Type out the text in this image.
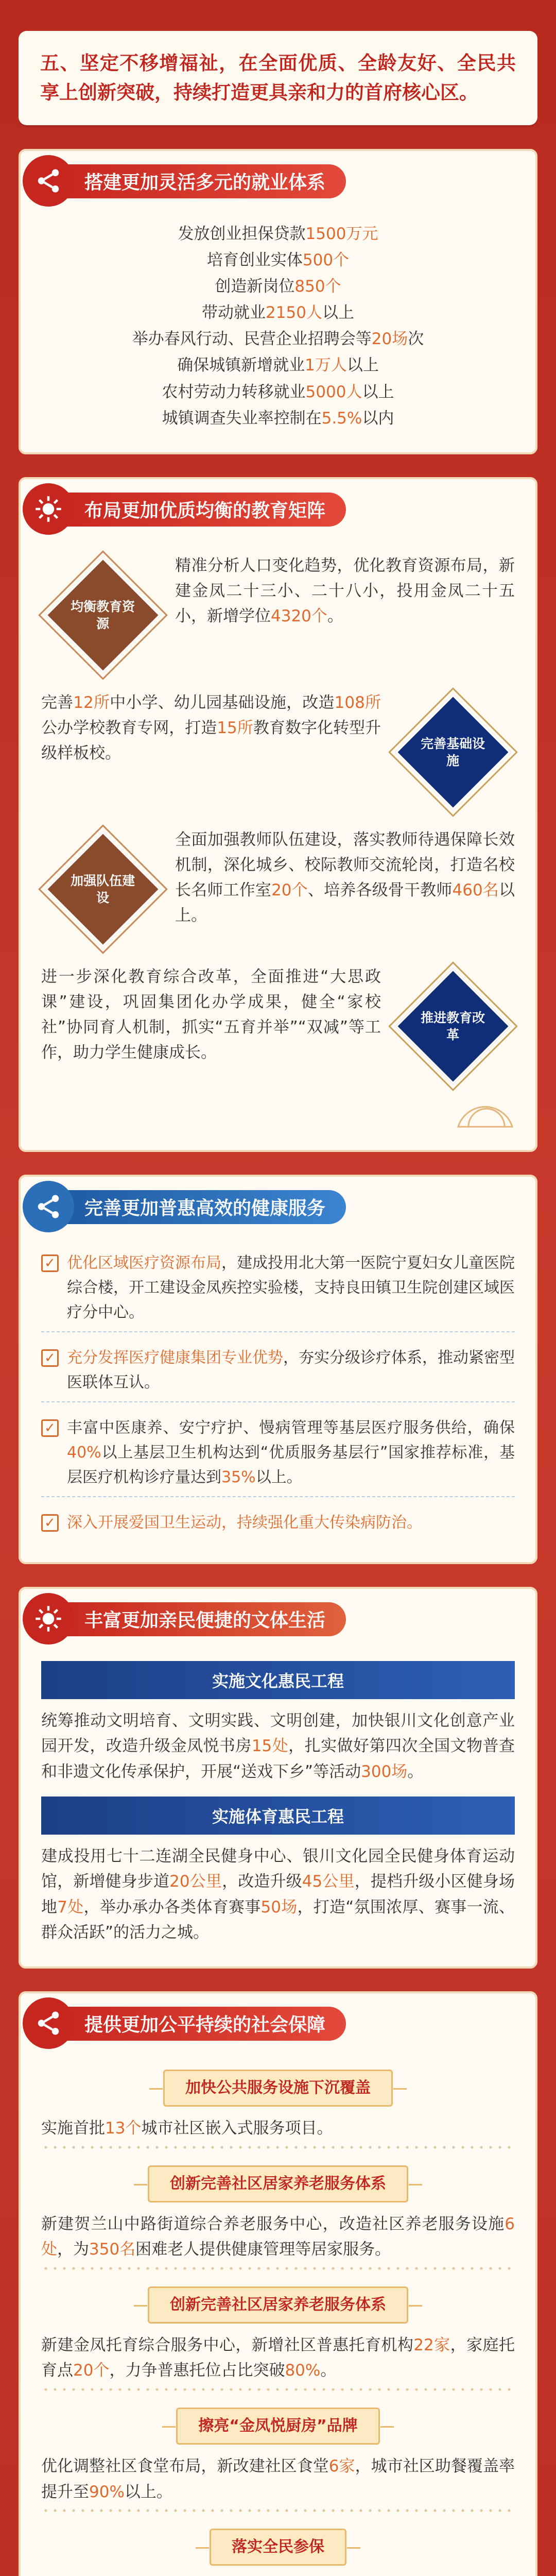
五、坚定不移增福祉，在全面优质、全龄友好、全民共享上创新突破，持续打造更具亲和力的首府核心区。

搭建更加灵活多元的就业体系

发放创业担保贷款1500万元

培育创业实体500个

创造新岗位850个

带动就业2150人以上

举办春风行动、民营企业招聘会等20场次

确保城镇新增就业1万人以上

农村劳动力转移就业5000人以上

城镇调查失业率控制在5.5%以内

布局更加优质均衡的教育矩阵
均衡教育资源

精准分析人口变化趋势，优化教育资源布局，新建金凤二十三小、二十八小，投用金凤二十五小，新增学位4320个。

完善12所中小学、幼儿园基础设施，改造108所公办学校教育专网，打造15所教育数字化转型升级样板校。

完善基础设施
加强队伍建设

全面加强教师队伍建设，落实教师待遇保障长效机制，深化城乡、校际教师交流轮岗，打造名校长名师工作室20个、培养各级骨干教师460名以上。

进一步深化教育综合改革，全面推进“大思政课”建设，巩固集团化办学成果，健全“家校社”协同育人机制，抓实“五育并举”“双减”等工作，助力学生健康成长。

推进教育改革
完善更加普惠高效的健康服务
✓ 优化区域医疗资源布局，建成投用北大第一医院宁夏妇女儿童医院综合楼，开工建设金凤疾控实验楼，支持良田镇卫生院创建区域医疗分中心。

✓ 充分发挥医疗健康集团专业优势，夯实分级诊疗体系，推动紧密型医联体互认。

✓ 丰富中医康养、安宁疗护、慢病管理等基层医疗服务供给，确保40%以上基层卫生机构达到“优质服务基层行”国家推荐标准，基层医疗机构诊疗量达到35%以上。

✓ 深入开展爱国卫生运动，持续强化重大传染病防治。

丰富更加亲民便捷的文体生活
实施文化惠民工程

统筹推动文明培育、文明实践、文明创建，加快银川文化创意产业园开发，改造升级金凤悦书房15处，扎实做好第四次全国文物普查和非遗文化传承保护，开展“送戏下乡”等活动300场。

实施体育惠民工程

建成投用七十二连湖全民健身中心、银川文化园全民健身体育运动馆，新增健身步道20公里，改造升级45公里，提档升级小区健身场地7处，举办承办各类体育赛事50场，打造“氛围浓厚、赛事一流、群众活跃”的活力之城。

提供更加公平持续的社会保障
加快公共服务设施下沉覆盖

实施首批13个城市社区嵌入式服务项目。

创新完善社区居家养老服务体系

新建贺兰山中路街道综合养老服务中心，改造社区养老服务设施6处，为350名困难老人提供健康管理等居家服务。

创新完善社区居家养老服务体系

新建金凤托育综合服务中心，新增社区普惠托育机构22家，家庭托育点20个，力争普惠托位占比突破80%。

擦亮“金凤悦厨房”品牌

优化调整社区食堂布局，新改建社区食堂6家，城市社区助餐覆盖率提升至90%以上。

落实全民参保
